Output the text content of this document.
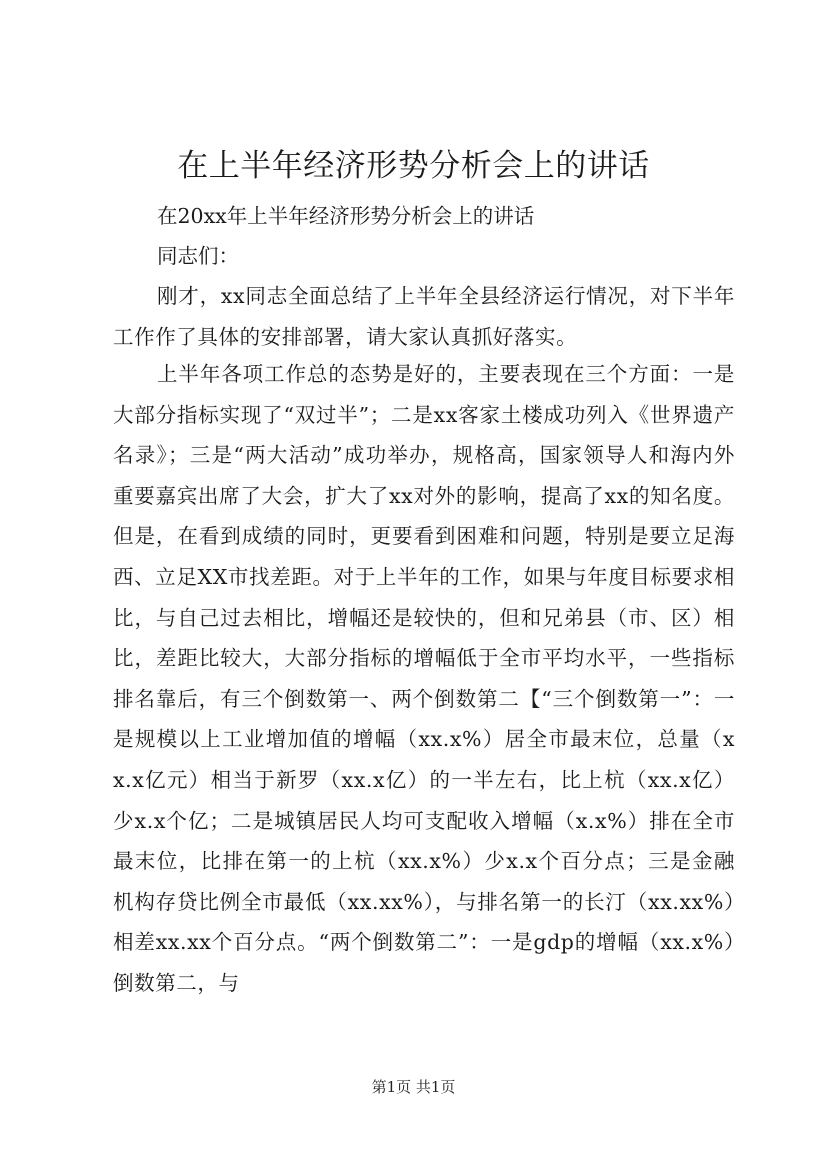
在上半年经济形势分析会上的讲话

在20xx年上半年经济形势分析会上的讲话

同志们：

刚才，xx同志全面总结了上半年全县经济运行情况，对下半年工作作了具体的安排部署，请大家认真抓好落实。

上半年各项工作总的态势是好的，主要表现在三个方面：一是大部分指标实现了“双过半”；二是xx客家土楼成功列入《世界遗产名录》；三是“两大活动”成功举办，规格高，国家领导人和海内外重要嘉宾出席了大会，扩大了xx对外的影响，提高了xx的知名度。但是，在看到成绩的同时，更要看到困难和问题，特别是要立足海西、立足XX市找差距。对于上半年的工作，如果与年度目标要求相比，与自己过去相比，增幅还是较快的，但和兄弟县（市、区）相比，差距比较大，大部分指标的增幅低于全市平均水平，一些指标排名靠后，有三个倒数第一、两个倒数第二【“三个倒数第一”：一是规模以上工业增加值的增幅（xx.x%）居全市最末位，总量（xx.x亿元）相当于新罗（xx.x亿）的一半左右，比上杭（xx.x亿）少x.x个亿；二是城镇居民人均可支配收入增幅（x.x%）排在全市最末位，比排在第一的上杭（xx.x%）少x.x个百分点；三是金融机构存贷比例全市最低（xx.xx%），与排名第一的长汀（xx.xx%）相差xx.xx个百分点。“两个倒数第二”：一是gdp的增幅（xx.x%）倒数第二，与

第1页 共1页
